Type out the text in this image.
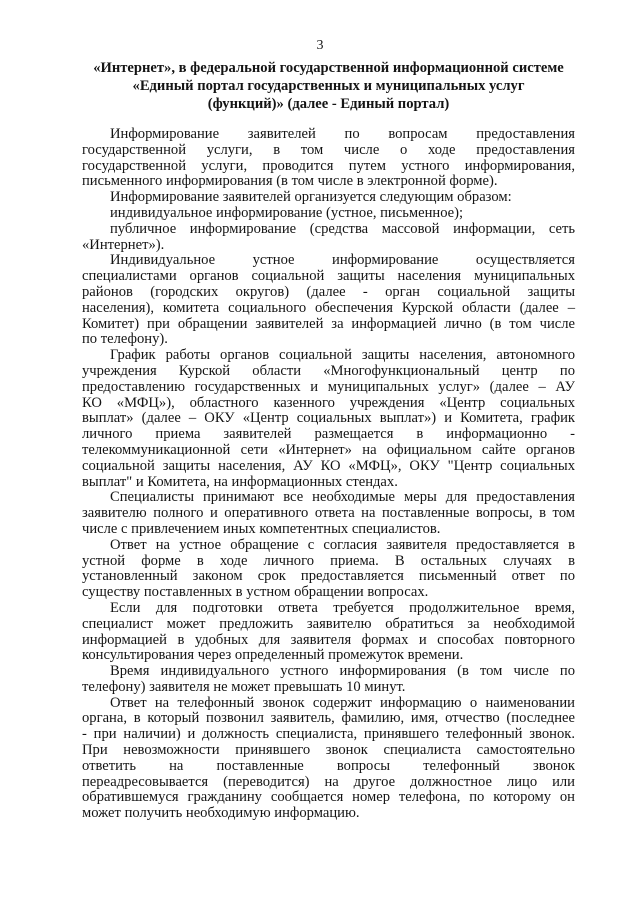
3
«Интернет», в федеральной государственной информационной системе
«Единый портал государственных и муниципальных услуг
(функций)» (далее - Единый портал)
Информирование заявителей по вопросам предоставления
государственной услуги, в том числе о ходе предоставления
государственной услуги, проводится путем устного информирования,
письменного информирования (в том числе в электронной форме).
Информирование заявителей организуется следующим образом:
индивидуальное информирование (устное, письменное);
публичное информирование (средства массовой информации, сеть
«Интернет»).
Индивидуальное устное информирование осуществляется
специалистами органов социальной защиты населения муниципальных
районов (городских округов) (далее - орган социальной защиты
населения), комитета социального обеспечения Курской области (далее –
Комитет) при обращении заявителей за информацией лично (в том числе
по телефону).
График работы органов социальной защиты населения, автономного
учреждения Курской области «Многофункциональный центр по
предоставлению государственных и муниципальных услуг» (далее – АУ
КО «МФЦ»), областного казенного учреждения «Центр социальных
выплат» (далее – ОКУ «Центр социальных выплат») и Комитета, график
личного приема заявителей размещается в информационно -
телекоммуникационной сети «Интернет» на официальном сайте органов
социальной защиты населения, АУ КО «МФЦ», ОКУ "Центр социальных
выплат" и Комитета, на информационных стендах.
Специалисты принимают все необходимые меры для предоставления
заявителю полного и оперативного ответа на поставленные вопросы, в том
числе с привлечением иных компетентных специалистов.
Ответ на устное обращение с согласия заявителя предоставляется в
устной форме в ходе личного приема. В остальных случаях в
установленный законом срок предоставляется письменный ответ по
существу поставленных в устном обращении вопросах.
Если для подготовки ответа требуется продолжительное время,
специалист может предложить заявителю обратиться за необходимой
информацией в удобных для заявителя формах и способах повторного
консультирования через определенный промежуток времени.
Время индивидуального устного информирования (в том числе по
телефону) заявителя не может превышать 10 минут.
Ответ на телефонный звонок содержит информацию о наименовании
органа, в который позвонил заявитель, фамилию, имя, отчество (последнее
- при наличии) и должность специалиста, принявшего телефонный звонок.
При невозможности принявшего звонок специалиста самостоятельно
ответить на поставленные вопросы телефонный звонок
переадресовывается (переводится) на другое должностное лицо или
обратившемуся гражданину сообщается номер телефона, по которому он
может получить необходимую информацию.
